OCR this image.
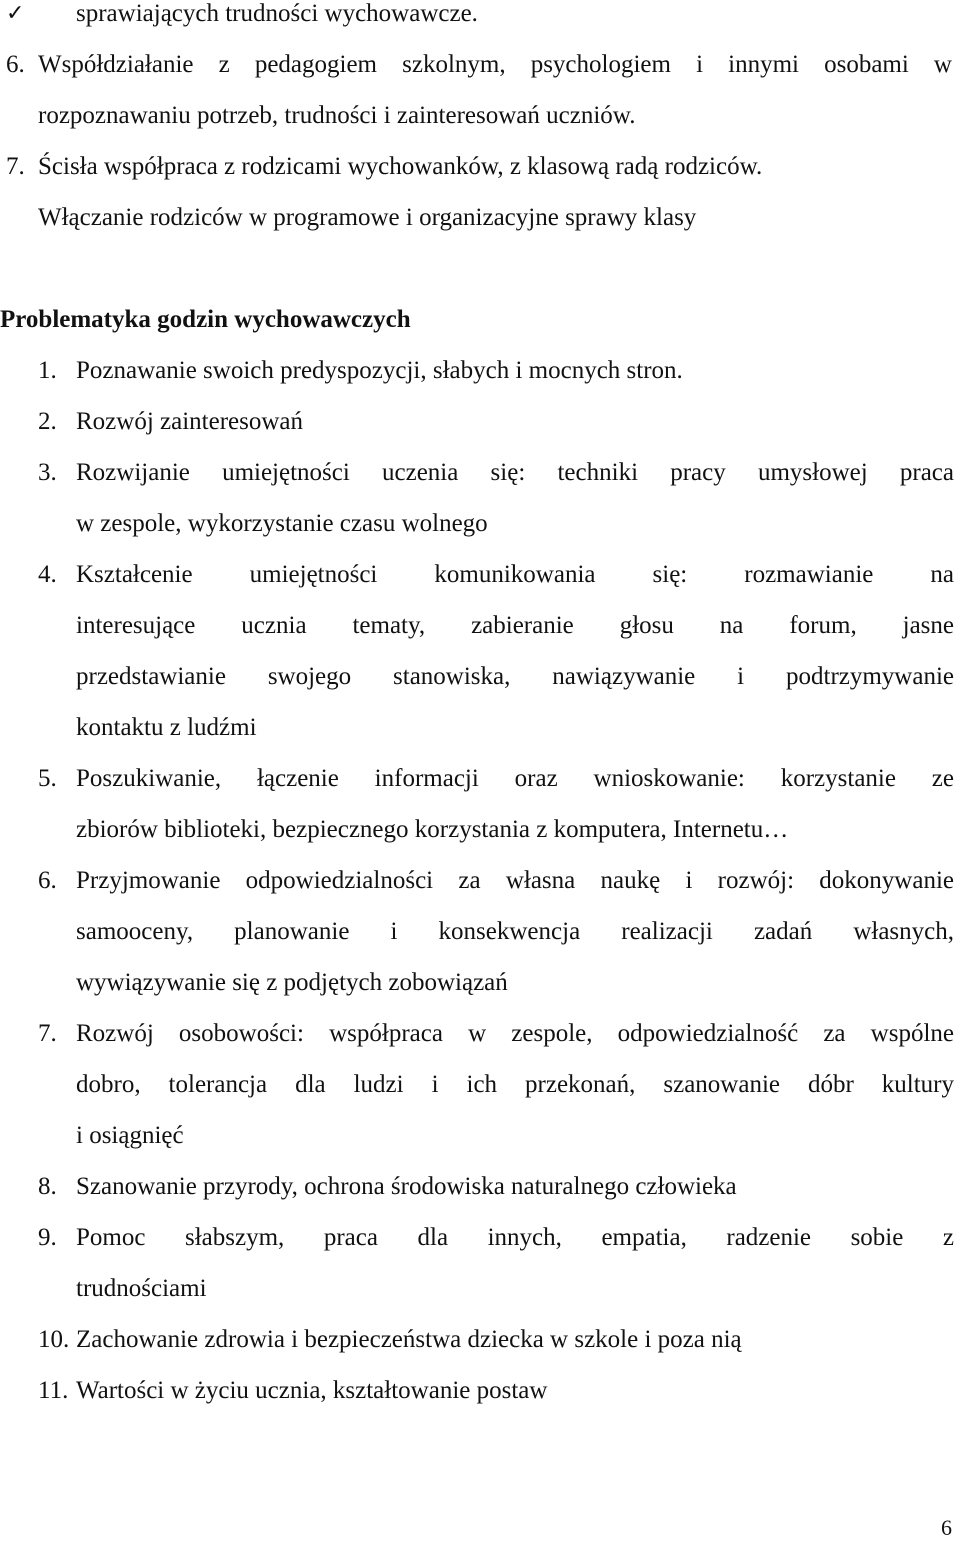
✓ sprawiających trudności wychowawcze.
6. Współdziałanie z pedagogiem szkolnym, psychologiem i innymi osobami w
rozpoznawaniu potrzeb, trudności i zainteresowań uczniów.
7. Ścisła współpraca z rodzicami wychowanków, z klasową radą rodziców.
Włączanie rodziców w programowe i organizacyjne sprawy klasy
Problematyka godzin wychowawczych
1. Poznawanie swoich predyspozycji, słabych i mocnych stron.
2. Rozwój zainteresowań
3. Rozwijanie umiejętności uczenia się: techniki pracy umysłowej praca
w zespole, wykorzystanie czasu wolnego
4. Kształcenie umiejętności komunikowania się: rozmawianie na
interesujące ucznia tematy, zabieranie głosu na forum, jasne
przedstawianie swojego stanowiska, nawiązywanie i podtrzymywanie
kontaktu z ludźmi
5. Poszukiwanie, łączenie informacji oraz wnioskowanie: korzystanie ze
zbiorów biblioteki, bezpiecznego korzystania z komputera, Internetu…
6. Przyjmowanie odpowiedzialności za własna naukę i rozwój: dokonywanie
samooceny, planowanie i konsekwencja realizacji zadań własnych,
wywiązywanie się z podjętych zobowiązań
7. Rozwój osobowości: współpraca w zespole, odpowiedzialność za wspólne
dobro, tolerancja dla ludzi i ich przekonań, szanowanie dóbr kultury
i osiągnięć
8. Szanowanie przyrody, ochrona środowiska naturalnego człowieka
9. Pomoc słabszym, praca dla innych, empatia, radzenie sobie z
trudnościami
10. Zachowanie zdrowia i bezpieczeństwa dziecka w szkole i poza nią
11. Wartości w życiu ucznia, kształtowanie postaw
6
